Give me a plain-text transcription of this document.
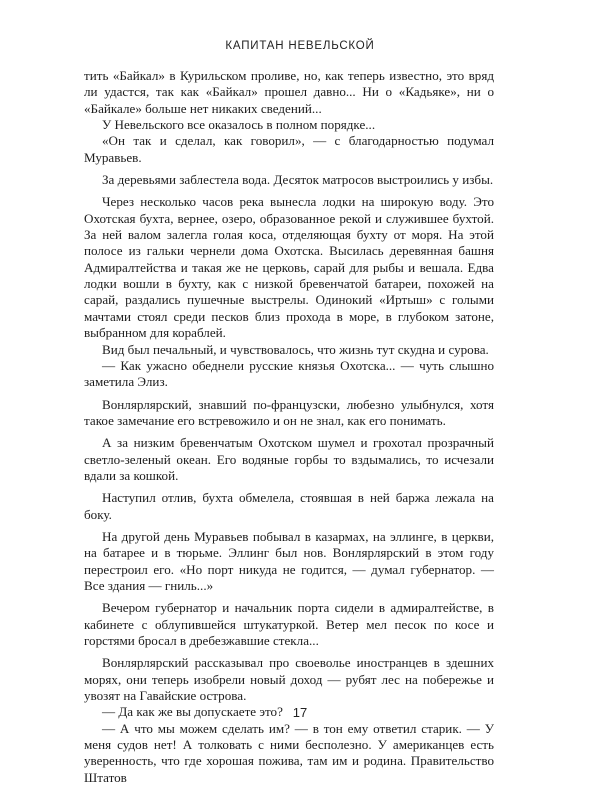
КАПИТАН НЕВЕЛЬСКОЙ

тить «Байкал» в Курильском проливе, но, как теперь известно, это вряд ли удастся, так как «Байкал» прошел давно... Ни о «Кадьяке», ни о «Байкале» больше нет никаких сведений...

У Невельского все оказалось в полном порядке...

«Он так и сделал, как говорил», — с благодарностью подумал Муравьев.

За деревьями заблестела вода. Десяток матросов выстроились у избы.

Через несколько часов река вынесла лодки на широкую воду. Это Охотская бухта, вернее, озеро, образованное рекой и служившее бухтой. За ней валом залегла голая коса, отделяющая бухту от моря. На этой полосе из гальки чернели дома Охотска. Высилась деревянная башня Адмиралтейства и такая же не церковь, сарай для рыбы и вешала. Едва лодки вошли в бухту, как с низкой бревенчатой батареи, похожей на сарай, раздались пушечные выстрелы. Одинокий «Иртыш» с голыми мачтами стоял среди песков близ прохода в море, в глубоком затоне, выбранном для кораблей.

Вид был печальный, и чувствовалось, что жизнь тут скудна и сурова.

— Как ужасно обеднели русские князья Охотска... — чуть слышно заметила Элиз.

Вонлярлярский, знавший по-французски, любезно улыбнулся, хотя такое замечание его встревожило и он не знал, как его понимать.

А за низким бревенчатым Охотском шумел и грохотал прозрачный светло-зеленый океан. Его водяные горбы то вздымались, то исчезали вдали за кошкой.

Наступил отлив, бухта обмелела, стоявшая в ней баржа лежала на боку.

На другой день Муравьев побывал в казармах, на эллинге, в церкви, на батарее и в тюрьме. Эллинг был нов. Вонлярлярский в этом году перестроил его. «Но порт никуда не годится, — думал губернатор. — Все здания — гниль...»

Вечером губернатор и начальник порта сидели в адмиралтействе, в кабинете с облупившейся штукатуркой. Ветер мел песок по косе и горстями бросал в дребезжавшие стекла...

Вонлярлярский рассказывал про своеволье иностранцев в здешних морях, они теперь изобрели новый доход — рубят лес на побережье и увозят на Гавайские острова.

— Да как же вы допускаете это?

— А что мы можем сделать им? — в тон ему ответил старик. — У меня судов нет! А толковать с ними бесполезно. У американцев есть уверенность, что где хорошая пожива, там им и родина. Правительство Штатов

17
